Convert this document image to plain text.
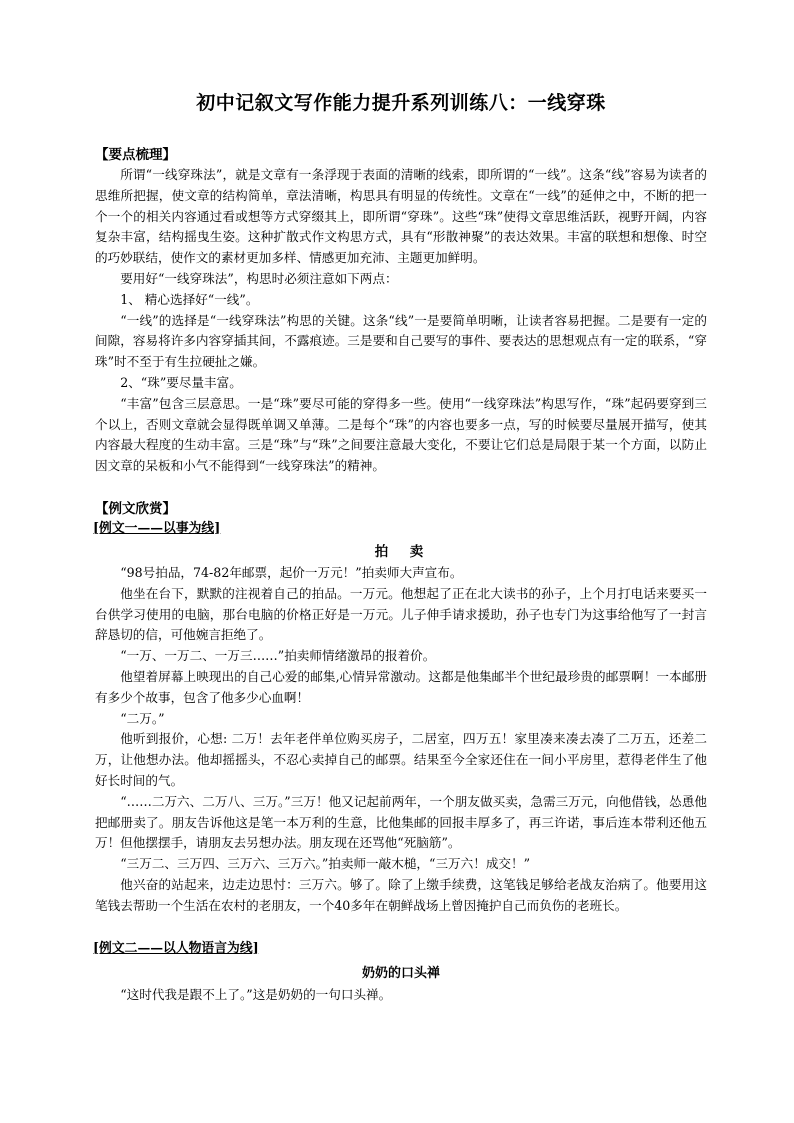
初中记叙文写作能力提升系列训练八：一线穿珠
【要点梳理】

所谓“一线穿珠法”，就是文章有一条浮现于表面的清晰的线索，即所谓的“一线”。这条“线”容易为读者的思维所把握，使文章的结构简单，章法清晰，构思具有明显的传统性。文章在“一线”的延伸之中，不断的把一个一个的相关内容通过看或想等方式穿缀其上，即所谓“穿珠”。这些“珠”使得文章思维活跃，视野开阔，内容复杂丰富，结构摇曳生姿。这种扩散式作文构思方式，具有“形散神聚”的表达效果。丰富的联想和想像、时空的巧妙联结，使作文的素材更加多样、情感更加充沛、主题更加鲜明。

要用好“一线穿珠法”，构思时必须注意如下两点：

1、 精心选择好“一线”。

“一线”的选择是“一线穿珠法”构思的关键。这条“线”一是要简单明晰，让读者容易把握。二是要有一定的间隙，容易将许多内容穿插其间，不露痕迹。三是要和自己要写的事件、要表达的思想观点有一定的联系，“穿珠”时不至于有生拉硬扯之嫌。

2、“珠”要尽量丰富。

“丰富”包含三层意思。一是“珠”要尽可能的穿得多一些。使用“一线穿珠法”构思写作，“珠”起码要穿到三个以上，否则文章就会显得既单调又单薄。二是每个“珠”的内容也要多一点，写的时候要尽量展开描写，使其内容最大程度的生动丰富。三是“珠”与“珠”之间要注意最大变化，不要让它们总是局限于某一个方面，以防止因文章的呆板和小气不能得到“一线穿珠法”的精神。

【例文欣赏】
[例文一——以事为线]
拍　卖

“98号拍品，74-82年邮票，起价一万元！”拍卖师大声宣布。

他坐在台下，默默的注视着自己的拍品。一万元。他想起了正在北大读书的孙子，上个月打电话来要买一台供学习使用的电脑，那台电脑的价格正好是一万元。儿子伸手请求援助，孙子也专门为这事给他写了一封言辞恳切的信，可他婉言拒绝了。

“一万、一万二、一万三……”拍卖师情绪激昂的报着价。

他望着屏幕上映现出的自己心爱的邮集,心情异常激动。这都是他集邮半个世纪最珍贵的邮票啊！一本邮册有多少个故事，包含了他多少心血啊！

“二万。”

他听到报价，心想: 二万！去年老伴单位购买房子，二居室，四万五！家里凑来凑去凑了二万五，还差二万，让他想办法。他却摇摇头，不忍心卖掉自己的邮票。结果至今全家还住在一间小平房里，惹得老伴生了他好长时间的气。

“……二万六、二万八、三万。”三万！他又记起前两年，一个朋友做买卖，急需三万元，向他借钱，怂恿他把邮册卖了。朋友告诉他这是笔一本万利的生意，比他集邮的回报丰厚多了，再三许诺，事后连本带利还他五万！但他摆摆手，请朋友去另想办法。朋友现在还骂他“死脑筋”。

“三万二、三万四、三万六、三万六。”拍卖师一敲木槌，“三万六！成交！”

他兴奋的站起来，边走边思忖：三万六。够了。除了上缴手续费，这笔钱足够给老战友治病了。他要用这笔钱去帮助一个生活在农村的老朋友，一个40多年在朝鲜战场上曾因掩护自己而负伤的老班长。

[例文二——以人物语言为线]
奶奶的口头禅

“这时代我是跟不上了。”这是奶奶的一句口头禅。
